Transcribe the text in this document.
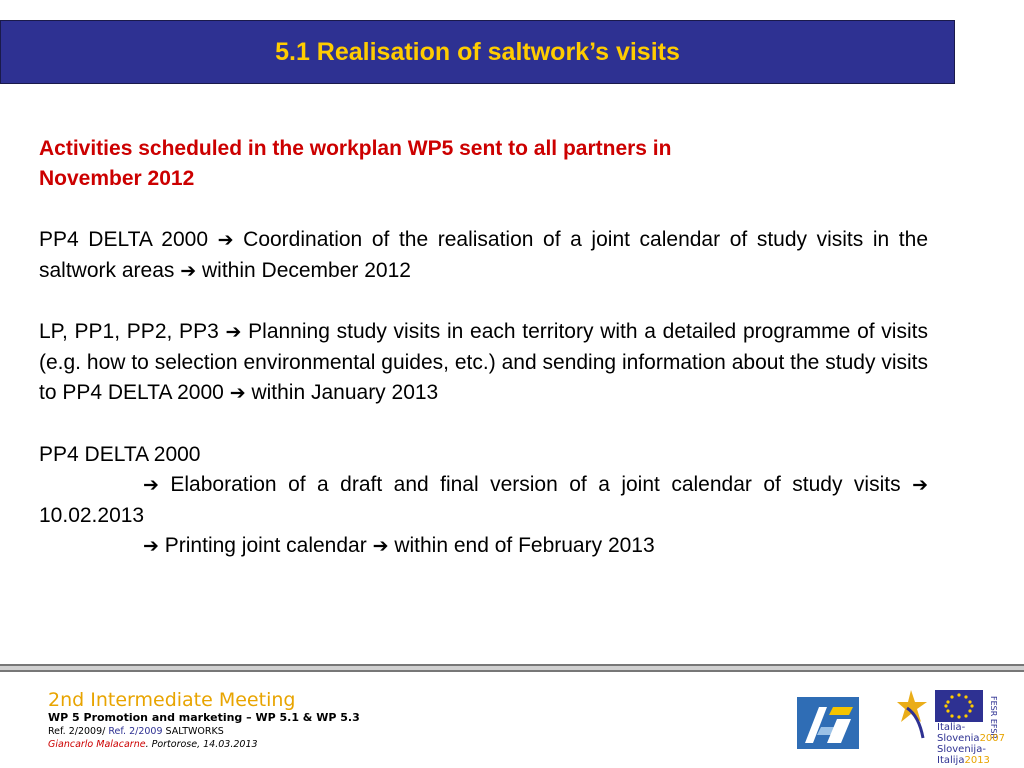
5.1 Realisation of saltwork’s visits

Activities scheduled in the workplan WP5 sent to all partners in
November 2012

PP4 DELTA 2000 ➔ Coordination of the realisation of a joint calendar of study visits in the saltwork areas ➔ within December 2012

LP, PP1, PP2, PP3 ➔ Planning study visits in each territory with a detailed programme of visits (e.g. how to selection environmental guides, etc.) and sending information about the study visits to PP4 DELTA 2000 ➔ within January 2013

PP4 DELTA 2000
➔ Elaboration of a draft and final version of a joint calendar of study visits ➔ 10.02.2013
➔ Printing joint calendar ➔ within end of February 2013

2nd Intermediate Meeting
WP 5 Promotion and marketing – WP 5.1 & WP 5.3
Ref. 2/2009/ Ref. 2/2009 SALTWORKS
Giancarlo Malacarne. Portorose, 14.03.2013
FESR EFSR
Italia-Slovenia2007
Slovenija-Italija2013
